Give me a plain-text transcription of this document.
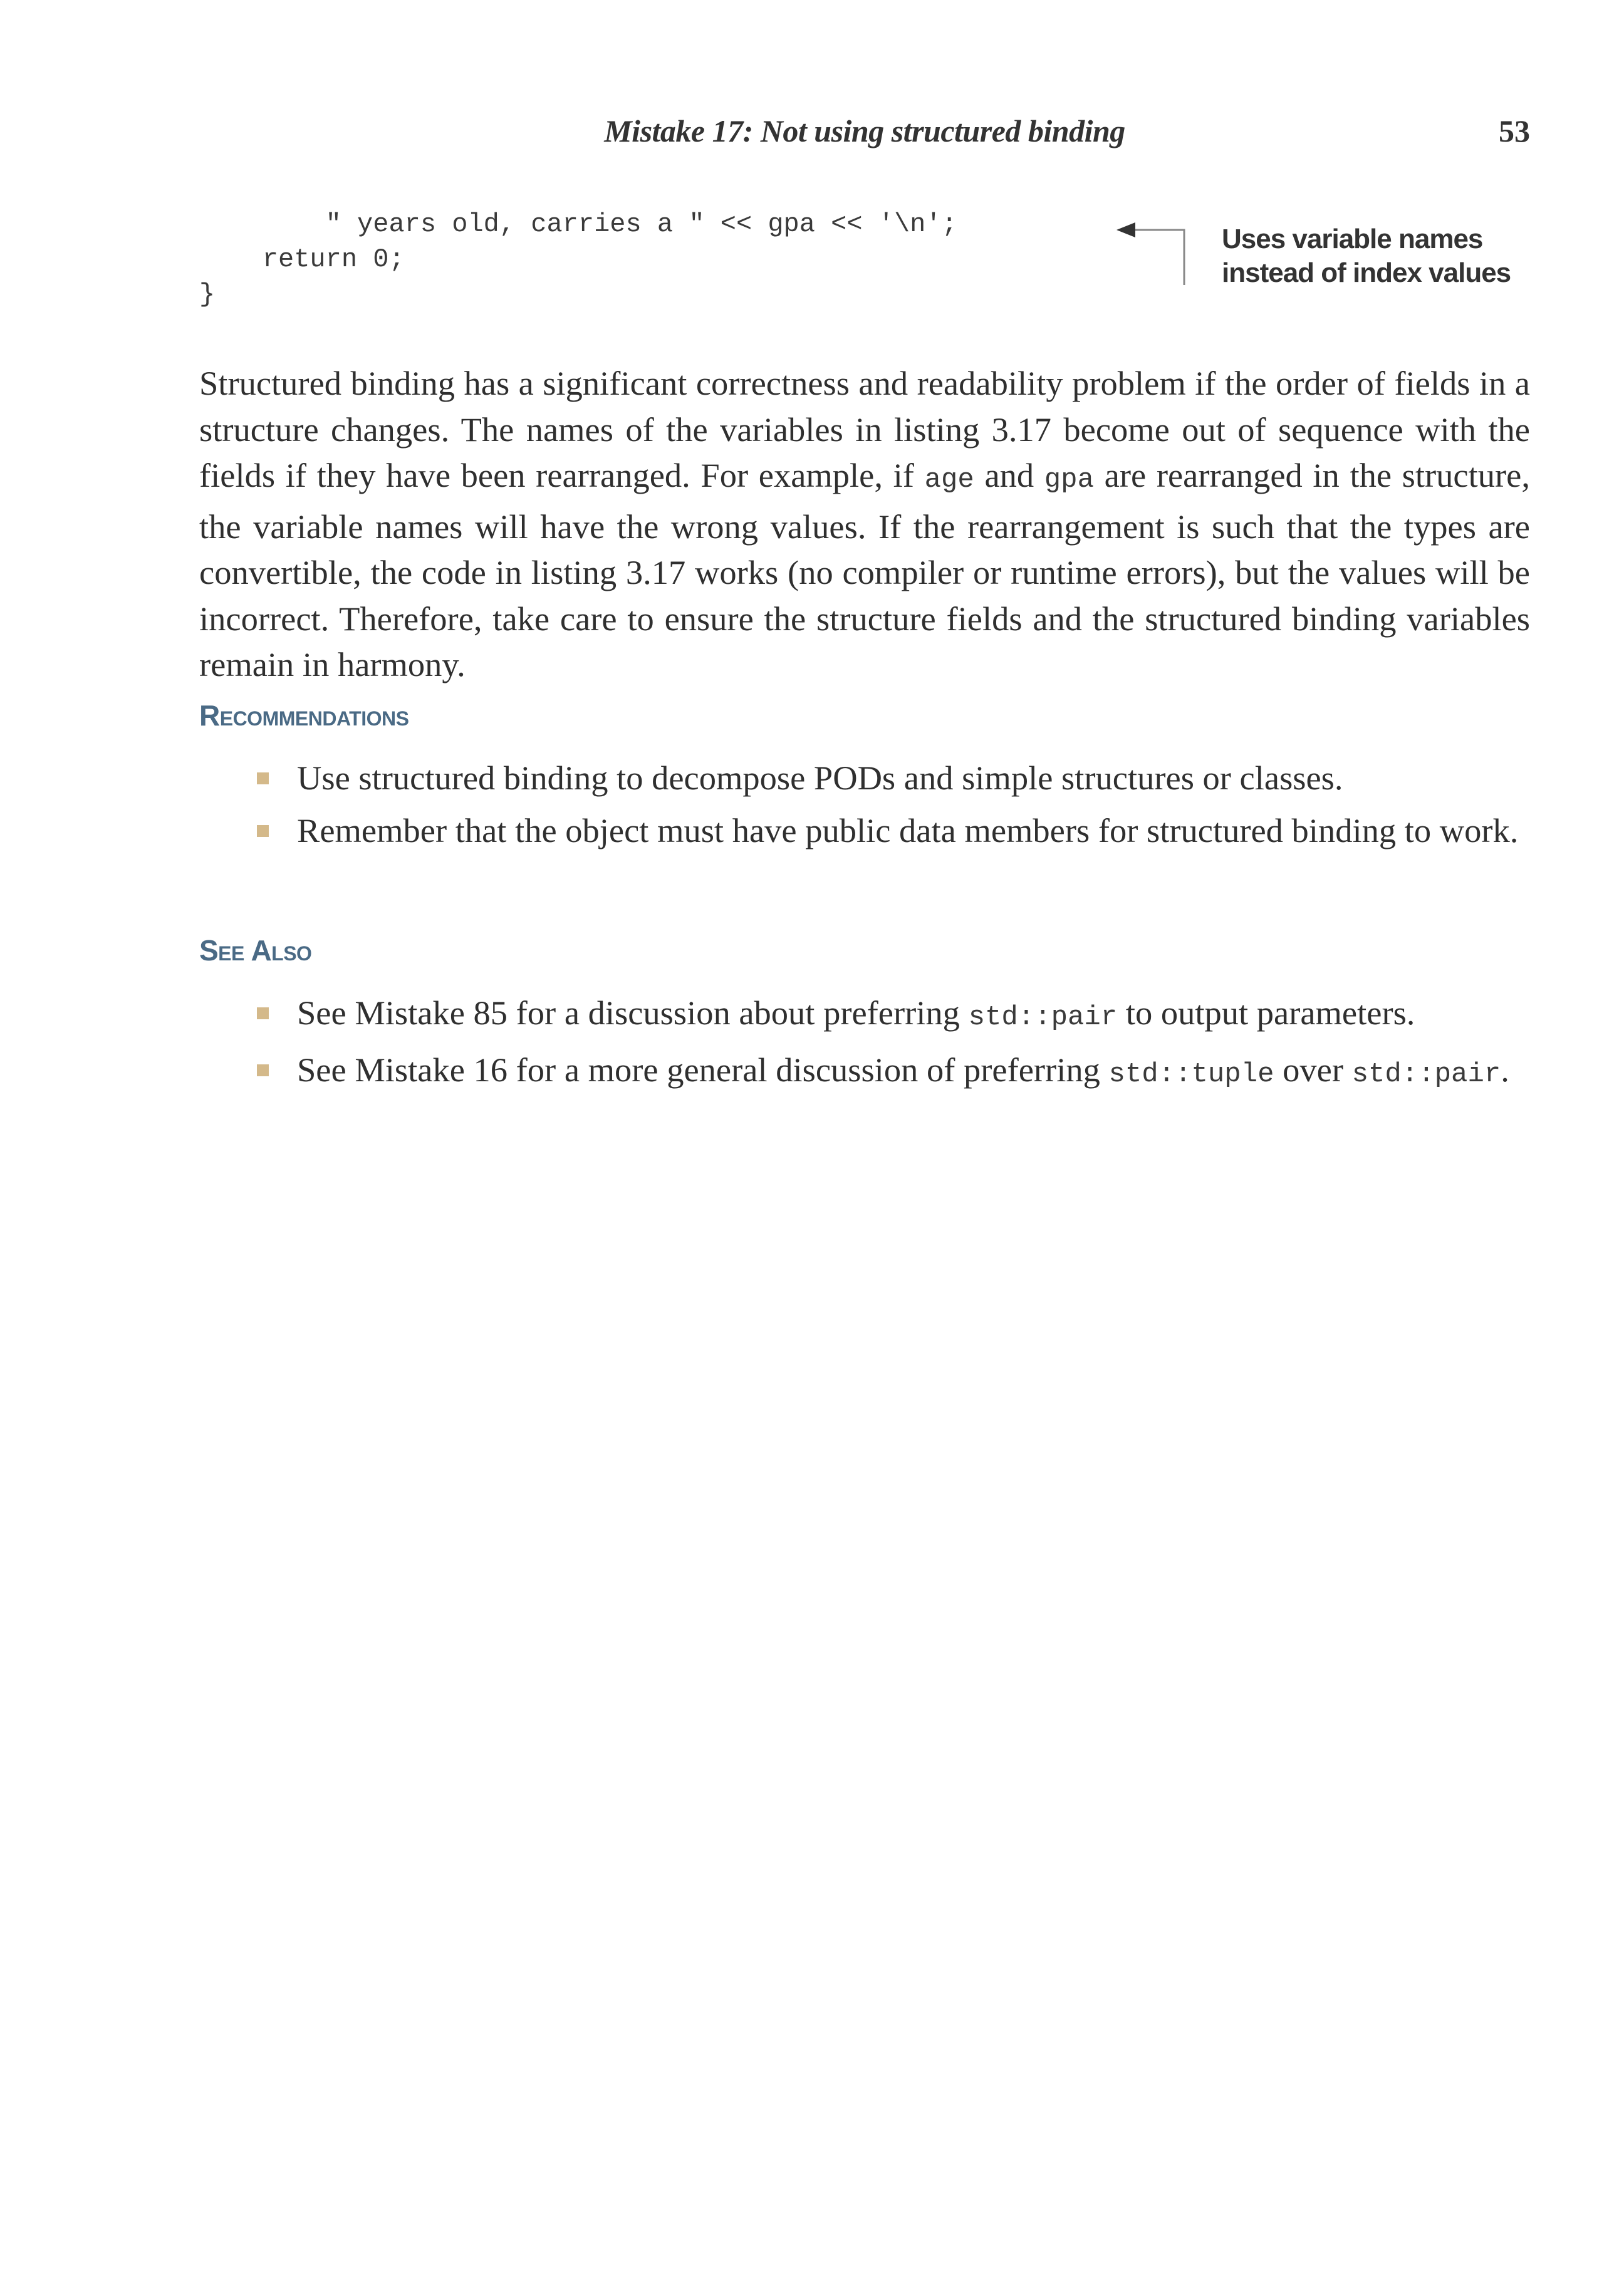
Mistake 17: Not using structured binding	53
" years old, carries a " << gpa << '\n';
return 0;
}
Uses variable names
instead of index values

Structured binding has a significant correctness and readability problem if the order of fields in a structure changes. The names of the variables in listing 3.17 become out of sequence with the fields if they have been rearranged. For example, if age and gpa are rearranged in the structure, the variable names will have the wrong values. If the rearrangement is such that the types are convertible, the code in listing 3.17 works (no compiler or runtime errors), but the values will be incorrect. Therefore, take care to ensure the structure fields and the structured binding variables remain in harmony.

Recommendations
Use structured binding to decompose PODs and simple structures or classes.
Remember that the object must have public data members for structured binding to work.
See Also
See Mistake 85 for a discussion about preferring std::pair to output parameters.
See Mistake 16 for a more general discussion of preferring std::tuple over std::pair.
